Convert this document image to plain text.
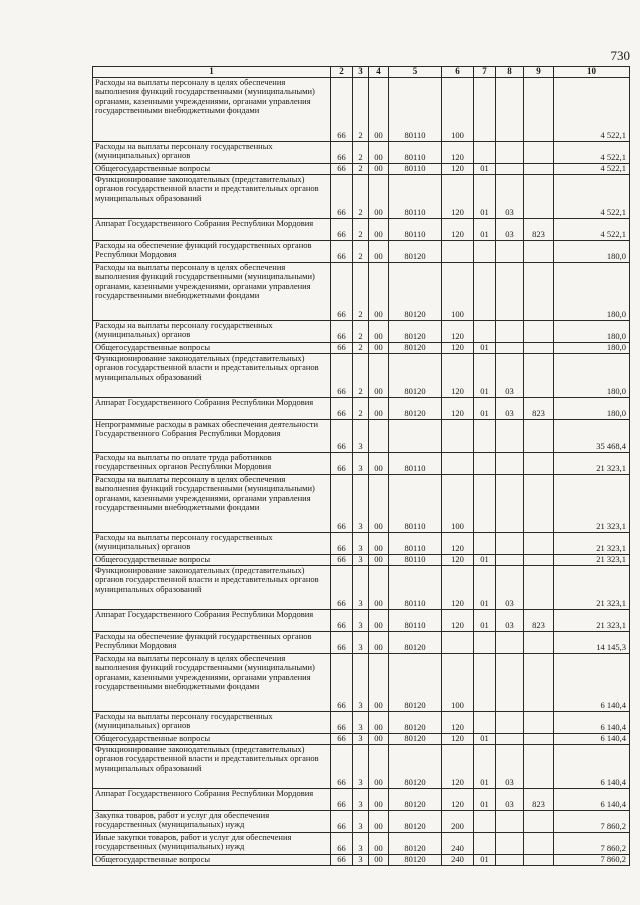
730
1	2	3	4	5	6	7	8	9	10
Расходы на выплаты персоналу в целях обеспечения выполнения функций государственными (муниципальными) органами, казенными учреждениями, органами управления государственными внебюджетными фондами	66	2	00	80110	100				4 522,1
Расходы на выплаты персоналу государственных (муниципальных) органов	66	2	00	80110	120				4 522,1
Общегосударственные вопросы	66	2	00	80110	120	01			4 522,1
Функционирование законодательных (представительных) органов государственной власти и представительных органов муниципальных образований	66	2	00	80110	120	01	03		4 522,1
Аппарат Государственного Собрания Республики Мордовия	66	2	00	80110	120	01	03	823	4 522,1
Расходы на обеспечение функций государственных органов Республики Мордовия	66	2	00	80120					180,0
Расходы на выплаты персоналу в целях обеспечения выполнения функций государственными (муниципальными) органами, казенными учреждениями, органами управления государственными внебюджетными фондами	66	2	00	80120	100				180,0
Расходы на выплаты персоналу государственных (муниципальных) органов	66	2	00	80120	120				180,0
Общегосударственные вопросы	66	2	00	80120	120	01			180,0
Функционирование законодательных (представительных) органов государственной власти и представительных органов муниципальных образований	66	2	00	80120	120	01	03		180,0
Аппарат Государственного Собрания Республики Мордовия	66	2	00	80120	120	01	03	823	180,0
Непрограммные расходы в рамках обеспечения деятельности Государственного Собрания Республики Мордовия	66	3							35 468,4
Расходы на выплаты по оплате труда работников государственных органов Республики Мордовия	66	3	00	80110					21 323,1
Расходы на выплаты персоналу в целях обеспечения выполнения функций государственными (муниципальными) органами, казенными учреждениями, органами управления государственными внебюджетными фондами	66	3	00	80110	100				21 323,1
Расходы на выплаты персоналу государственных (муниципальных) органов	66	3	00	80110	120				21 323,1
Общегосударственные вопросы	66	3	00	80110	120	01			21 323,1
Функционирование законодательных (представительных) органов государственной власти и представительных органов муниципальных образований	66	3	00	80110	120	01	03		21 323,1
Аппарат Государственного Собрания Республики Мордовия	66	3	00	80110	120	01	03	823	21 323,1
Расходы на обеспечение функций государственных органов Республики Мордовия	66	3	00	80120					14 145,3
Расходы на выплаты персоналу в целях обеспечения выполнения функций государственными (муниципальными) органами, казенными учреждениями, органами управления государственными внебюджетными фондами	66	3	00	80120	100				6 140,4
Расходы на выплаты персоналу государственных (муниципальных) органов	66	3	00	80120	120				6 140,4
Общегосударственные вопросы	66	3	00	80120	120	01			6 140,4
Функционирование законодательных (представительных) органов государственной власти и представительных органов муниципальных образований	66	3	00	80120	120	01	03		6 140,4
Аппарат Государственного Собрания Республики Мордовия	66	3	00	80120	120	01	03	823	6 140,4
Закупка товаров, работ и услуг для обеспечения государственных (муниципальных) нужд	66	3	00	80120	200				7 860,2
Иные закупки товаров, работ и услуг для обеспечения государственных (муниципальных) нужд	66	3	00	80120	240				7 860,2
Общегосударственные вопросы	66	3	00	80120	240	01			7 860,2
